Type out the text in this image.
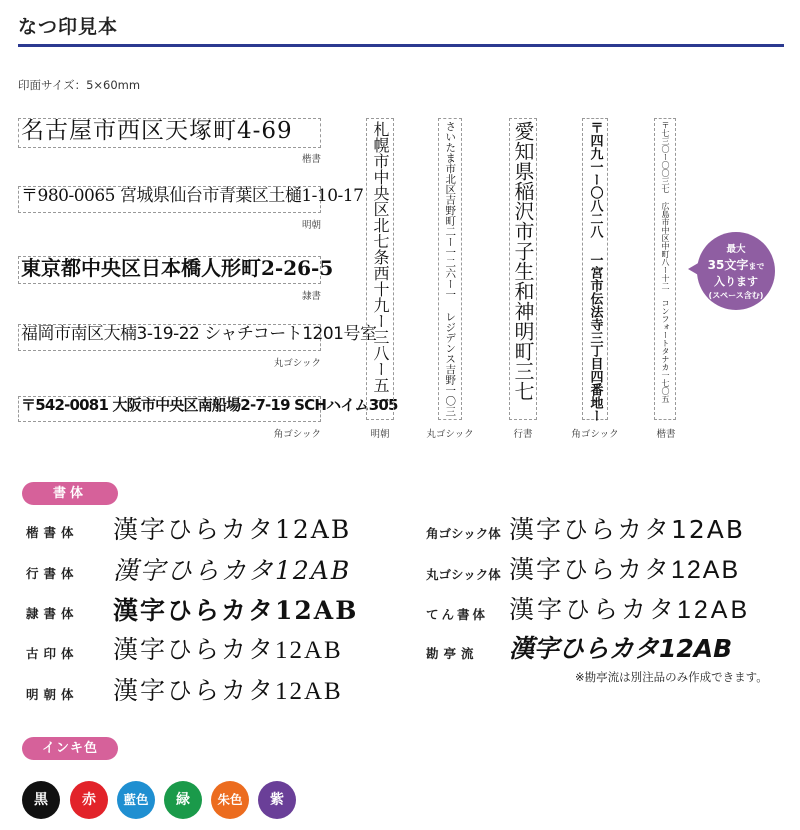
なつ印見本
印面サイズ：5×60mm
名古屋市西区天塚町4-69
楷書
〒980-0065 宮城県仙台市青葉区土樋1-10-17
明朝
東京都中央区日本橋人形町2-26-5
隷書
福岡市南区大楠3-19-22 シャチコート1201号室
丸ゴシック
〒542-0081 大阪市中央区南船場2-7-19 SCHハイム305
角ゴシック
札幌市中央区北七条西十九ー三八ー五一
明朝
さいたま市北区吉野町二ー一二六ー一 レジデンス吉野一〇三
丸ゴシック
愛知県稲沢市子生和神明町三七
行書
〒四九一ー〇八二八 一宮市伝法寺三丁目四番地ー
角ゴシック
〒七三〇ー〇〇三七 広島市中区中町八ー十二 コンフォートタナカ一七〇五
楷書
最大
35文字まで
入ります
(スペース含む)
書体
楷書体 漢字ひらカタ12AB
行書体 漢字ひらカタ12AB
隷書体 漢字ひらカタ12AB
古印体 漢字ひらカタ12AB
明朝体 漢字ひらカタ12AB
角ゴシック体 漢字ひらカタ12AB
丸ゴシック体 漢字ひらカタ12AB
てん書体 漢字ひらカタ12AB
勘亭流 漢字ひらカタ12AB
※勘亭流は別注品のみ作成できます。
インキ色
黒	赤	藍色	緑	朱色	紫
